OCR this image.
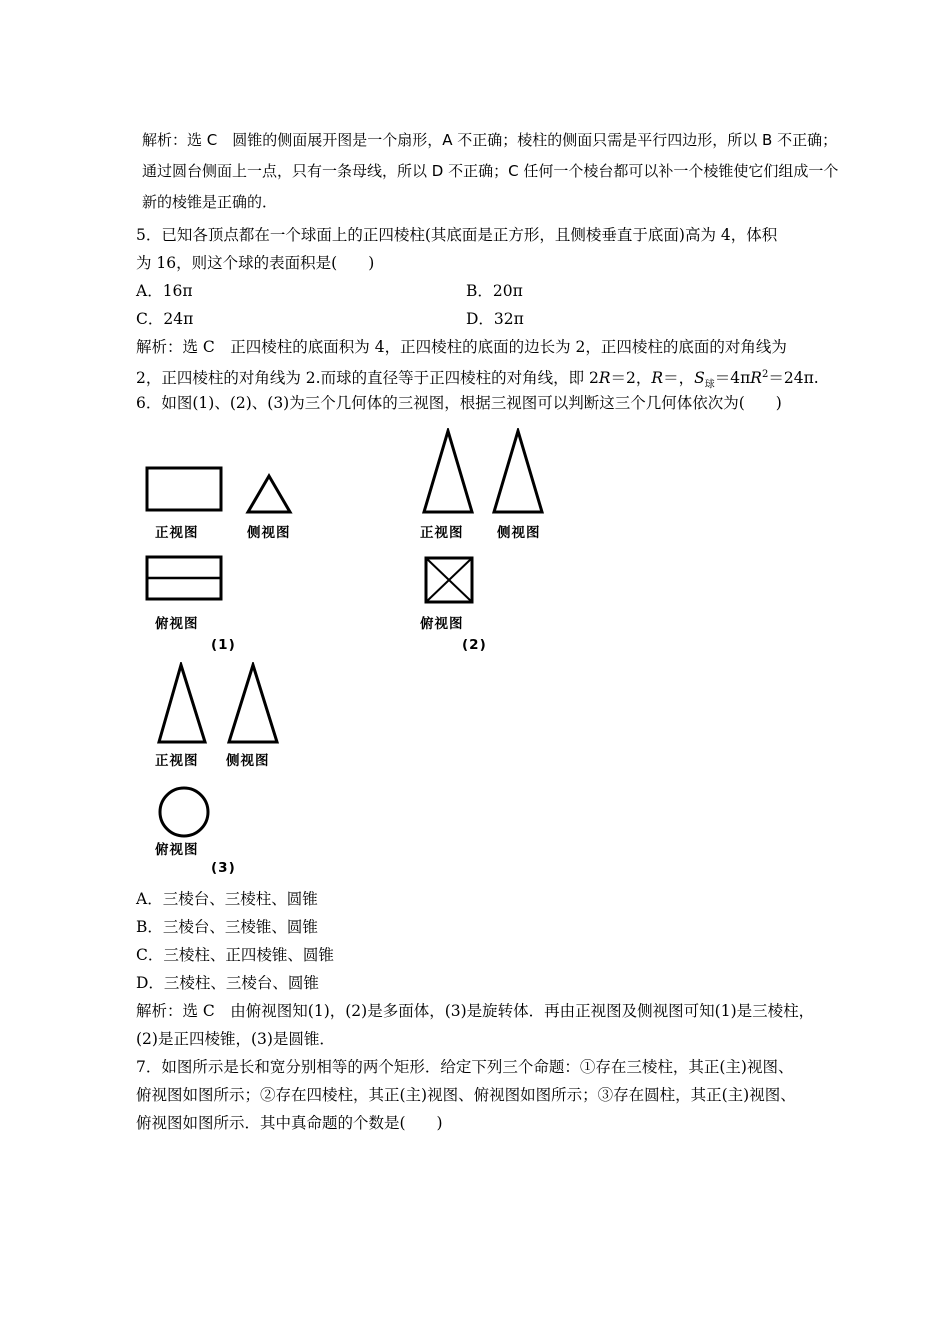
解析：选 C　圆锥的侧面展开图是一个扇形，A 不正确；棱柱的侧面只需是平行四边形，所以 B 不正确；
通过圆台侧面上一点，只有一条母线，所以 D 不正确；C 任何一个棱台都可以补一个棱锥使它们组成一个
新的棱锥是正确的．
5．已知各顶点都在一个球面上的正四棱柱(其底面是正方形，且侧棱垂直于底面)高为 4，体积
为 16，则这个球的表面积是(　　)
A．16π	B．20π
C．24π	D．32π
解析：选 C　正四棱柱的底面积为 4，正四棱柱的底面的边长为 2，正四棱柱的底面的对角线为
2，正四棱柱的对角线为 2.而球的直径等于正四棱柱的对角线，即 2R＝2，R＝，$S_球=4\pi R^2=24\pi$.
6．如图(1)、(2)、(3)为三个几何体的三视图，根据三视图可以判断这三个几何体依次为(　　)
正视图	侧视图
俯视图
(1)
正视图 侧视图
俯视图
(2)
正视图 侧视图
俯视图
(3)
A．三棱台、三棱柱、圆锥
B．三棱台、三棱锥、圆锥
C．三棱柱、正四棱锥、圆锥
D．三棱柱、三棱台、圆锥
解析：选 C　由俯视图知(1)，(2)是多面体，(3)是旋转体．再由正视图及侧视图可知(1)是三棱柱，
(2)是正四棱锥，(3)是圆锥．
7．如图所示是长和宽分别相等的两个矩形．给定下列三个命题：①存在三棱柱，其正(主)视图、
俯视图如图所示；②存在四棱柱，其正(主)视图、俯视图如图所示；③存在圆柱，其正(主)视图、
俯视图如图所示．其中真命题的个数是(　　)
